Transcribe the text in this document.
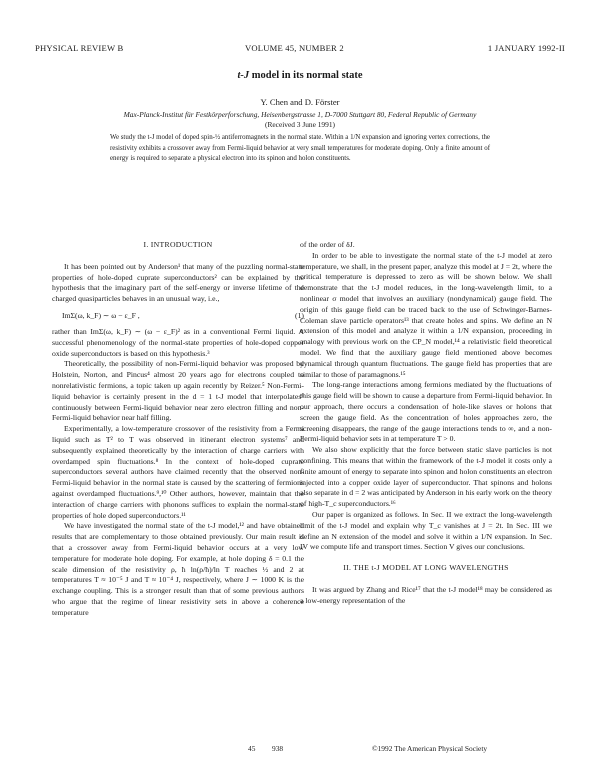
PHYSICAL REVIEW B	VOLUME 45, NUMBER 2	1 JANUARY 1992-II
t-J model in its normal state
Y. Chen and D. Förster
Max-Planck-Institut für Festkörperforschung, Heisenbergstrasse 1, D-7000 Stuttgart 80, Federal Republic of Germany
(Received 3 June 1991)
We study the t-J model of doped spin-½ antiferromagnets in the normal state. Within a 1/N expansion and ignoring vertex corrections, the resistivity exhibits a crossover away from Fermi-liquid behavior at very small temperatures for moderate doping. Only a finite amount of energy is required to separate a physical electron into its spinon and holon constituents.
I. INTRODUCTION

It has been pointed out by Anderson¹ that many of the puzzling normal-state properties of hole-doped cuprate superconductors² can be explained by the hypothesis that the imaginary part of the self-energy or inverse lifetime of the charged quasiparticles behaves in an unusual way, i.e.,

ImΣ(ω, k_F) ∼ ω − ε_F ,	(1)

rather than ImΣ(ω, k_F) ∼ (ω − ε_F)² as in a conventional Fermi liquid. A successful phenomenology of the normal-state properties of hole-doped copper oxide superconductors is based on this hypothesis.³

Theoretically, the possibility of non-Fermi-liquid behavior was proposed by Holstein, Norton, and Pincus⁴ almost 20 years ago for electrons coupled to nonrelativistic fermions, a topic taken up again recently by Reizer.⁵ Non-Fermi-liquid behavior is certainly present in the d = 1 t-J model that interpolates⁶ continuously between Fermi-liquid behavior near zero electron filling and non-Fermi-liquid behavior near half filling.

Experimentally, a low-temperature crossover of the resistivity from a Fermi liquid such as T² to T was observed in itinerant electron systems⁷ and subsequently explained theoretically by the interaction of charge carriers with overdamped spin fluctuations.⁸ In the context of hole-doped cuprate superconductors several authors have claimed recently that the observed non-Fermi-liquid behavior in the normal state is caused by the scattering of fermions against overdamped fluctuations.⁹,¹⁰ Other authors, however, maintain that the interaction of charge carriers with phonons suffices to explain the normal-state properties of hole doped superconductors.¹¹

We have investigated the normal state of the t-J model,¹² and have obtained results that are complementary to those obtained previously. Our main result is that a crossover away from Fermi-liquid behavior occurs at a very low temperature for moderate hole doping. For example, at hole doping δ = 0.1 the scale dimension of the resistivity ρ, ħ ln(ρ/ħ)/ln T reaches ½ and 2 at temperatures T ≈ 10⁻⁵ J and T ≈ 10⁻⁴ J, respectively, where J ∼ 1000 K is the exchange coupling. This is a stronger result than that of some previous authors who argue that the regime of linear resistivity sets in above a coherence temperature

of the order of δJ.

In order to be able to investigate the normal state of the t-J model at zero temperature, we shall, in the present paper, analyze this model at J = 2t, where the critical temperature is depressed to zero as will be shown below. We shall demonstrate that the t-J model reduces, in the long-wavelength limit, to a nonlinear σ model that involves an auxiliary (nondynamical) gauge field. The origin of this gauge field can be traced back to the use of Schwinger-Barnes-Coleman slave particle operators¹³ that create holes and spins. We define an N extension of this model and analyze it within a 1/N expansion, proceeding in analogy with previous work on the CP_N model,¹⁴ a relativistic field theoretical model. We find that the auxiliary gauge field mentioned above becomes dynamical through quantum fluctuations. The gauge field has properties that are similar to those of paramagnons.¹⁵

The long-range interactions among fermions mediated by the fluctuations of this gauge field will be shown to cause a departure from Fermi-liquid behavior. In our approach, there occurs a condensation of hole-like slaves or holons that screen the gauge field. As the concentration of holes approaches zero, the screening disappears, the range of the gauge interactions tends to ∞, and a non-Fermi-liquid behavior sets in at temperature T > 0.

We also show explicitly that the force between static slave particles is not confining. This means that within the framework of the t-J model it costs only a finite amount of energy to separate into spinon and holon constituents an electron injected into a copper oxide layer of superconductor. That spinons and holons also separate in d = 2 was anticipated by Anderson in his early work on the theory of high-T_c superconductors.¹⁶

Our paper is organized as follows. In Sec. II we extract the long-wavelength limit of the t-J model and explain why T_c vanishes at J = 2t. In Sec. III we define an N extension of the model and solve it within a 1/N expansion. In Sec. IV we compute life and transport times. Section V gives our conclusions.

II. THE t-J MODEL AT LONG WAVELENGTHS

It was argued by Zhang and Rice¹⁷ that the t-J model¹⁸ may be considered as a low-energy representation of the

45 938	©1992 The American Physical Society
